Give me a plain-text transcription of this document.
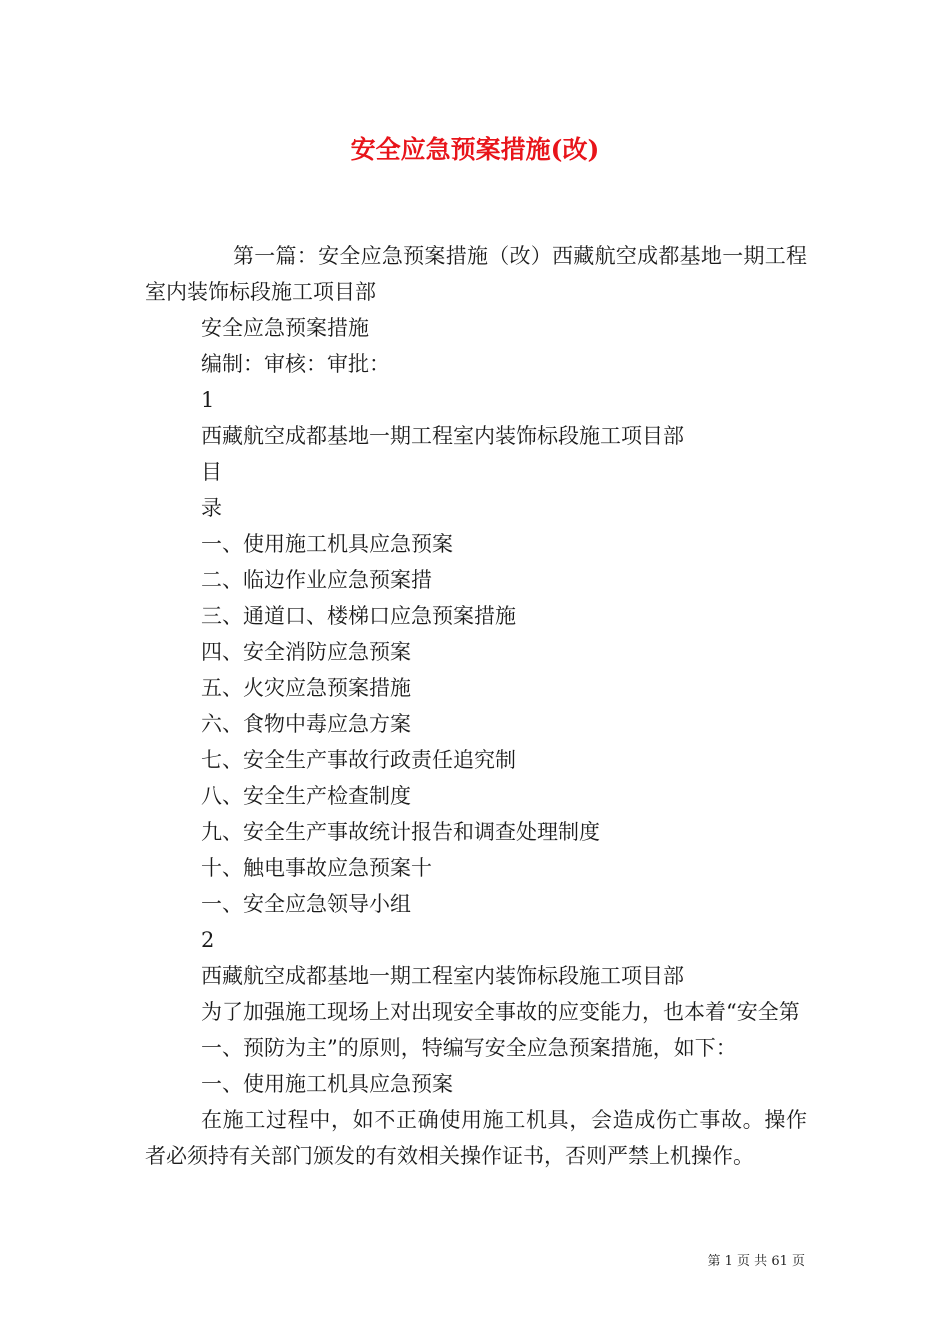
安全应急预案措施(改)

第一篇：安全应急预案措施（改）西藏航空成都基地一期工程室内装饰标段施工项目部

安全应急预案措施

编制：审核：审批：

1

西藏航空成都基地一期工程室内装饰标段施工项目部

目

录

一、使用施工机具应急预案

二、临边作业应急预案措

三、通道口、楼梯口应急预案措施

四、安全消防应急预案

五、火灾应急预案措施

六、食物中毒应急方案

七、安全生产事故行政责任追究制

八、安全生产检查制度

九、安全生产事故统计报告和调查处理制度

十、触电事故应急预案十

一、安全应急领导小组

2

西藏航空成都基地一期工程室内装饰标段施工项目部

为了加强施工现场上对出现安全事故的应变能力，也本着“安全第

一、预防为主”的原则，特编写安全应急预案措施，如下：

一、使用施工机具应急预案

在施工过程中，如不正确使用施工机具，会造成伤亡事故。操作者必须持有关部门颁发的有效相关操作证书，否则严禁上机操作。

第 1 页 共 61 页
